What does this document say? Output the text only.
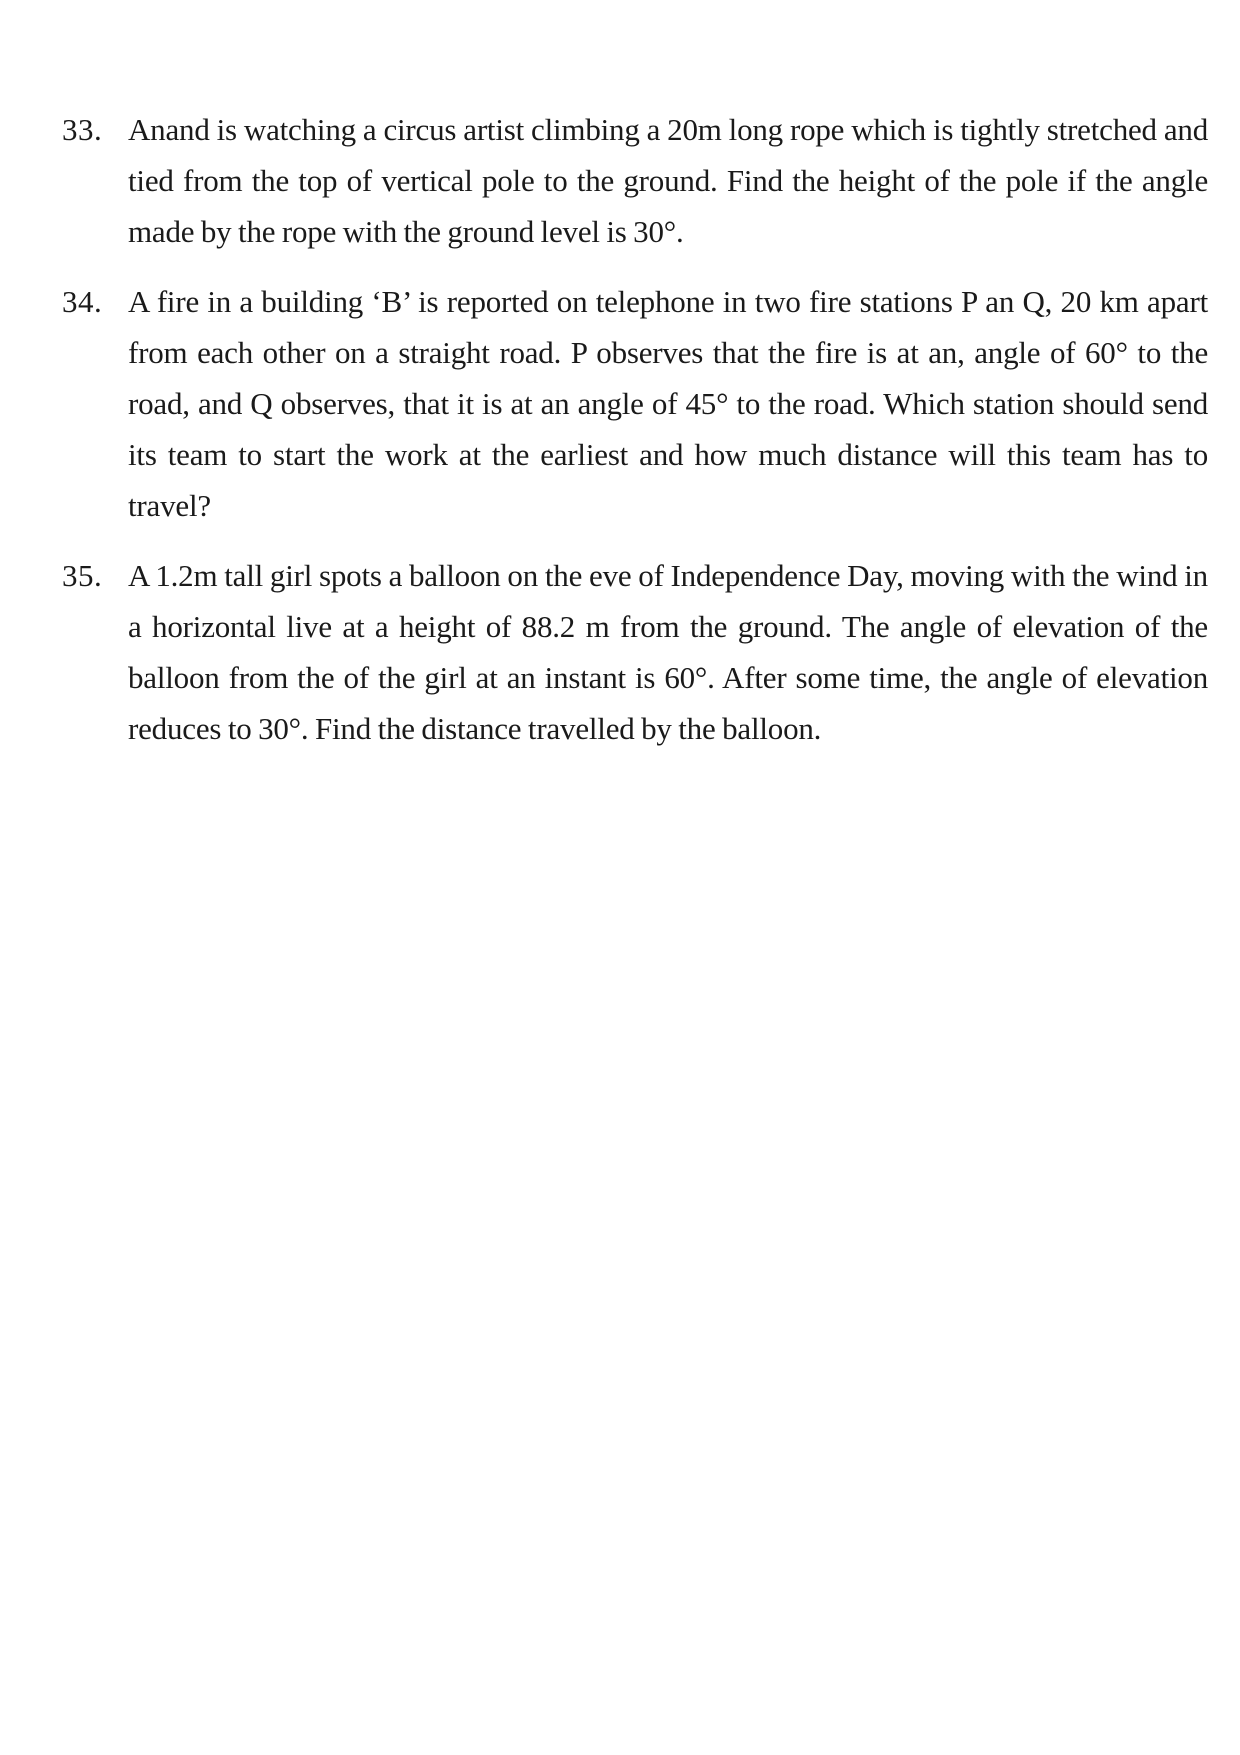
33. Anand is watching a circus artist climbing a 20m long rope which is tightly stretched and tied from the top of vertical pole to the ground. Find the height of the pole if the angle made by the rope with the ground level is 30°.
34. A fire in a building ‘B’ is reported on telephone in two fire stations P an Q, 20 km apart from each other on a straight road. P observes that the fire is at an, angle of 60° to the road, and Q observes, that it is at an angle of 45° to the road. Which station should send its team to start the work at the earliest and how much distance will this team has to travel?
35. A 1.2m tall girl spots a balloon on the eve of Independence Day, moving with the wind in a horizontal live at a height of 88.2 m from the ground. The angle of elevation of the balloon from the of the girl at an instant is 60°. After some time, the angle of elevation reduces to 30°. Find the distance travelled by the balloon.
